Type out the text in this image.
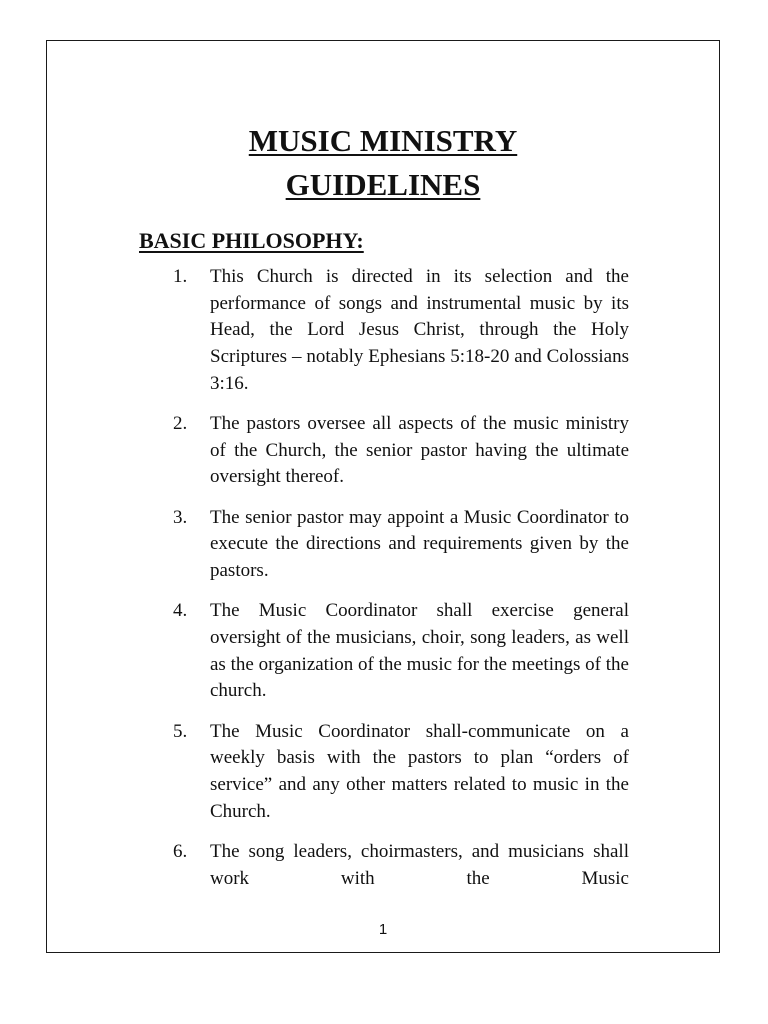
MUSIC MINISTRY
GUIDELINES
BASIC PHILOSOPHY:
1. This Church is directed in its selection and the performance of songs and instrumental music by its Head, the Lord Jesus Christ, through the Holy Scriptures – notably Ephesians 5:18-20 and Colossians 3:16.
2. The pastors oversee all aspects of the music ministry of the Church, the senior pastor having the ultimate oversight thereof.
3. The senior pastor may appoint a Music Coordinator to execute the directions and requirements given by the pastors.
4. The Music Coordinator shall exercise general oversight of the musicians, choir, song leaders, as well as the organization of the music for the meetings of the church.
5. The Music Coordinator shall-communicate on a weekly basis with the pastors to plan “orders of service” and any other matters related to music in the Church.
6. The song leaders, choirmasters, and musicians shall work with the Music
1
